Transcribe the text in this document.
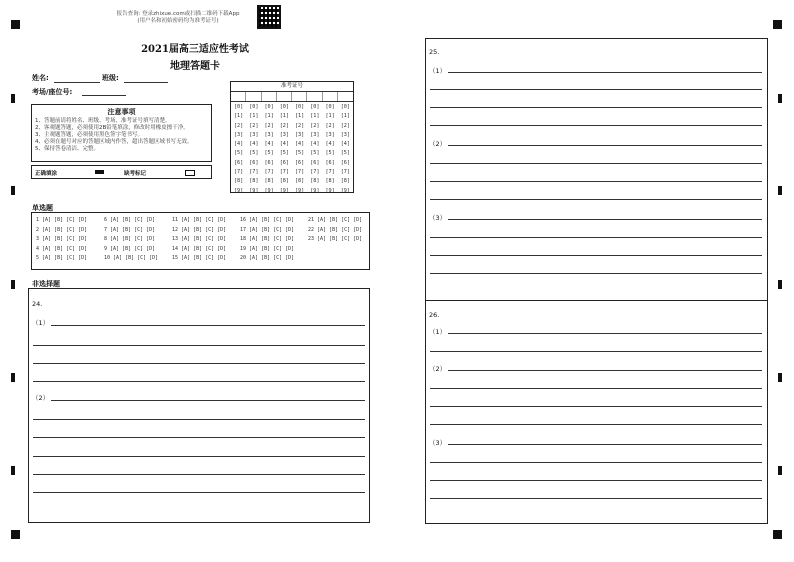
报告查询: 登录zhixue.com或扫描二维码下载App
(用户名和初始密码均为准考证号)
2021届高三适应性考试
地理答题卡
姓名:	班级:
考场/座位号:
注意事项
1、答题前请将姓名、班级、考场、准考证号填写清楚。
2、客观题答题，必须使用2B铅笔填涂，修改时用橡皮擦干净。
3、主观题答题，必须使用黑色签字笔书写。
4、必须在题号对应的答题区域内作答，超出答题区域书写无效。
5、保持答卷清洁、完整。
正确填涂	缺考标记
准考证号
[0]	[0]	[0]	[0]	[0]	[0]	[0]	[0]
[1]	[1]	[1]	[1]	[1]	[1]	[1]	[1]
[2]	[2]	[2]	[2]	[2]	[2]	[2]	[2]
[3]	[3]	[3]	[3]	[3]	[3]	[3]	[3]
[4]	[4]	[4]	[4]	[4]	[4]	[4]	[4]
[5]	[5]	[5]	[5]	[5]	[5]	[5]	[5]
[6]	[6]	[6]	[6]	[6]	[6]	[6]	[6]
[7]	[7]	[7]	[7]	[7]	[7]	[7]	[7]
[8]	[8]	[8]	[8]	[8]	[8]	[8]	[8]
[9]	[9]	[9]	[9]	[9]	[9]	[9]	[9]
单选题
1 [A] [B] [C] [D]
2 [A] [B] [C] [D]
3 [A] [B] [C] [D]
4 [A] [B] [C] [D]
5 [A] [B] [C] [D]
6 [A] [B] [C] [D]
7 [A] [B] [C] [D]
8 [A] [B] [C] [D]
9 [A] [B] [C] [D]
10 [A] [B] [C] [D]
11 [A] [B] [C] [D]
12 [A] [B] [C] [D]
13 [A] [B] [C] [D]
14 [A] [B] [C] [D]
15 [A] [B] [C] [D]
16 [A] [B] [C] [D]
17 [A] [B] [C] [D]
18 [A] [B] [C] [D]
19 [A] [B] [C] [D]
20 [A] [B] [C] [D]
21 [A] [B] [C] [D]
22 [A] [B] [C] [D]
23 [A] [B] [C] [D]
非选择题
24.
（1）
（2）
25.
（1）
（2）
（3）
26.
（1）
（2）
（3）
